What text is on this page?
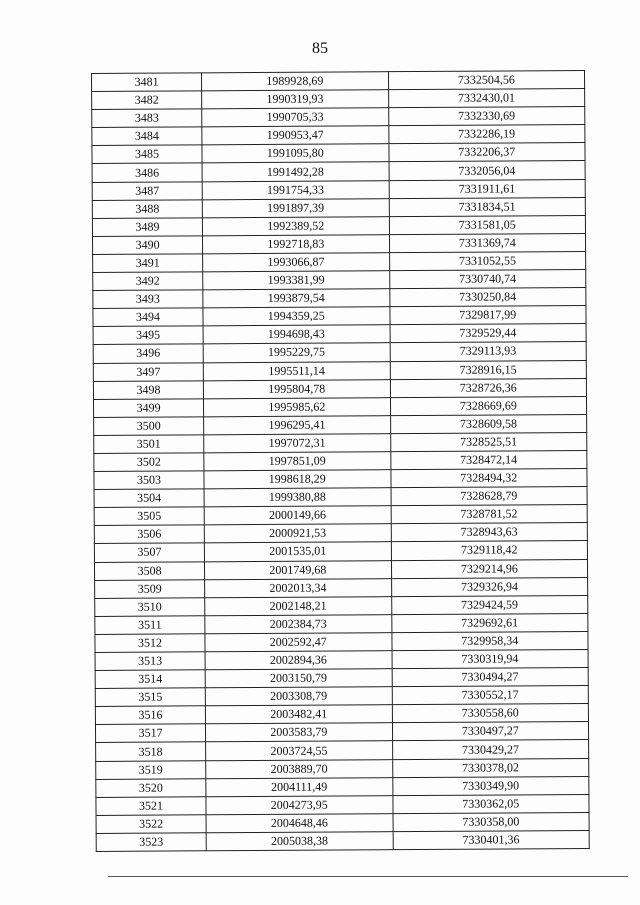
85
3481	1989928,69	7332504,56
3482	1990319,93	7332430,01
3483	1990705,33	7332330,69
3484	1990953,47	7332286,19
3485	1991095,80	7332206,37
3486	1991492,28	7332056,04
3487	1991754,33	7331911,61
3488	1991897,39	7331834,51
3489	1992389,52	7331581,05
3490	1992718,83	7331369,74
3491	1993066,87	7331052,55
3492	1993381,99	7330740,74
3493	1993879,54	7330250,84
3494	1994359,25	7329817,99
3495	1994698,43	7329529,44
3496	1995229,75	7329113,93
3497	1995511,14	7328916,15
3498	1995804,78	7328726,36
3499	1995985,62	7328669,69
3500	1996295,41	7328609,58
3501	1997072,31	7328525,51
3502	1997851,09	7328472,14
3503	1998618,29	7328494,32
3504	1999380,88	7328628,79
3505	2000149,66	7328781,52
3506	2000921,53	7328943,63
3507	2001535,01	7329118,42
3508	2001749,68	7329214,96
3509	2002013,34	7329326,94
3510	2002148,21	7329424,59
3511	2002384,73	7329692,61
3512	2002592,47	7329958,34
3513	2002894,36	7330319,94
3514	2003150,79	7330494,27
3515	2003308,79	7330552,17
3516	2003482,41	7330558,60
3517	2003583,79	7330497,27
3518	2003724,55	7330429,27
3519	2003889,70	7330378,02
3520	2004111,49	7330349,90
3521	2004273,95	7330362,05
3522	2004648,46	7330358,00
3523	2005038,38	7330401,36
